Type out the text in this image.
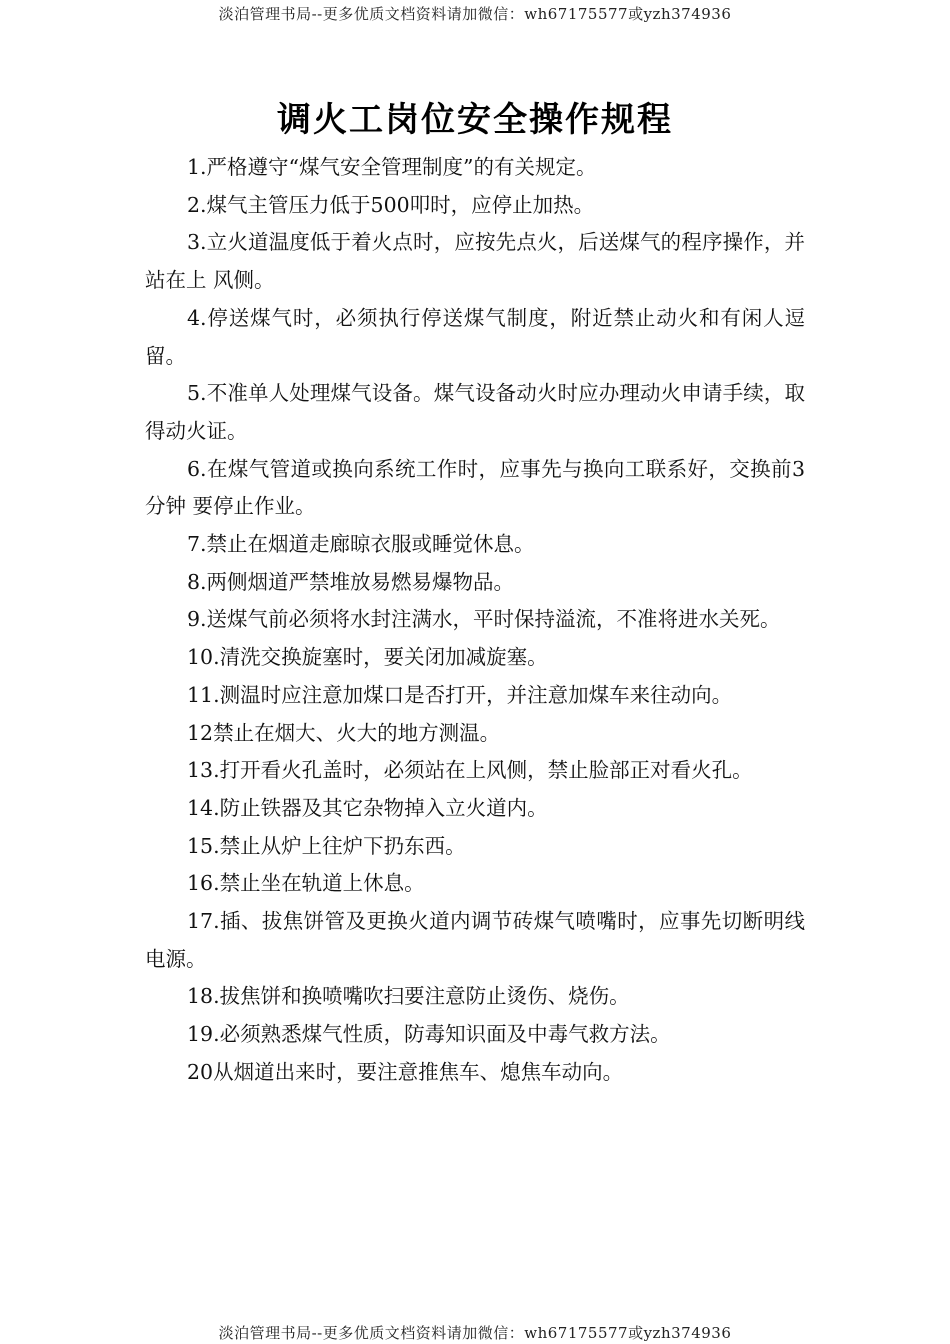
淡泊管理书局--更多优质文档资料请加微信：wh67175577或yzh374936
调火工岗位安全操作规程
1.严格遵守“煤气安全管理制度”的有关规定。
2.煤气主管压力低于500叩时，应停止加热。
3.立火道温度低于着火点时，应按先点火，后送煤气的程序操作，并站在上 风侧。
4.停送煤气时，必须执行停送煤气制度，附近禁止动火和有闲人逗留。
5.不准单人处理煤气设备。煤气设备动火时应办理动火申请手续，取得动火证。
6.在煤气管道或换向系统工作时，应事先与换向工联系好，交换前3分钟 要停止作业。
7.禁止在烟道走廊晾衣服或睡觉休息。
8.两侧烟道严禁堆放易燃易爆物品。
9.送煤气前必须将水封注满水，平时保持溢流，不准将进水关死。
10.清洗交换旋塞时，要关闭加减旋塞。
11.测温时应注意加煤口是否打开，并注意加煤车来往动向。
12禁止在烟大、火大的地方测温。
13.打开看火孔盖时，必须站在上风侧，禁止脸部正对看火孔。
14.防止铁器及其它杂物掉入立火道内。
15.禁止从炉上往炉下扔东西。
16.禁止坐在轨道上休息。
17.插、拔焦饼管及更换火道内调节砖煤气喷嘴时，应事先切断明线电源。
18.拔焦饼和换喷嘴吹扫要注意防止烫伤、烧伤。
19.必须熟悉煤气性质，防毒知识面及中毒气救方法。
20从烟道出来时，要注意推焦车、熄焦车动向。
淡泊管理书局--更多优质文档资料请加微信：wh67175577或yzh374936
